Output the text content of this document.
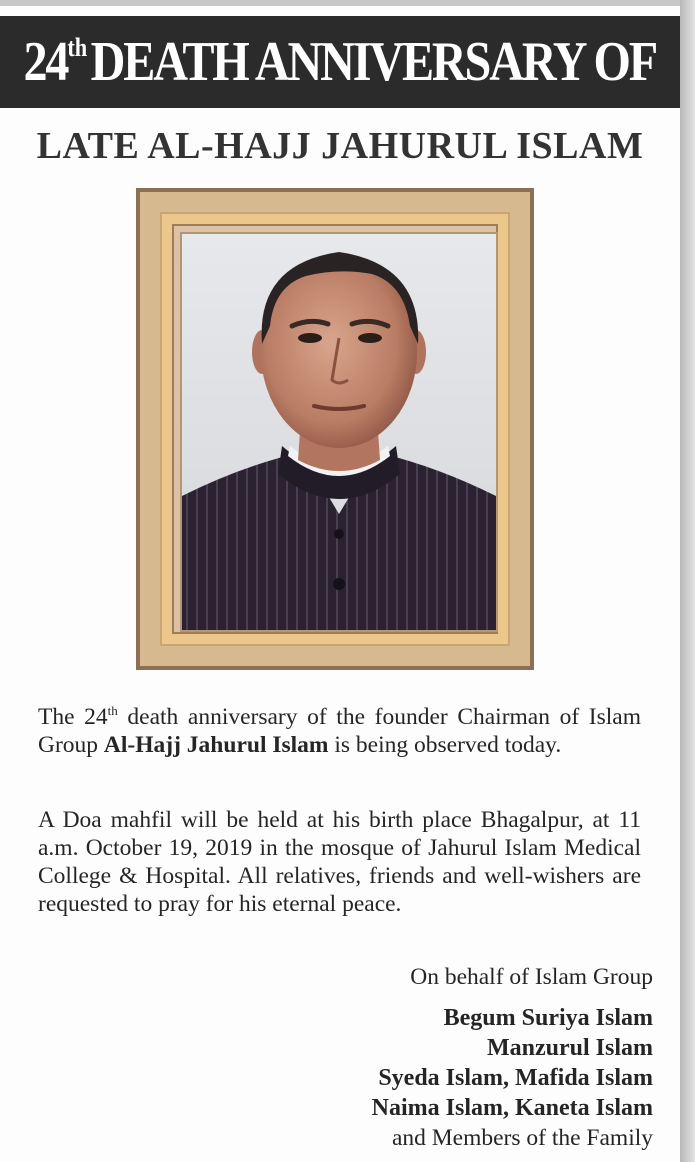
24thDEATH ANNIVERSARY OF
LATE AL-HAJJ JAHURUL ISLAM
The 24th death anniversary of the founder Chairman of Islam Group Al-Hajj Jahurul Islam is being observed today.
A Doa mahfil will be held at his birth place Bhagalpur, at 11 a.m. October 19, 2019 in the mosque of Jahurul Islam Medical College & Hospital. All relatives, friends and well-wishers are requested to pray for his eternal peace.
On behalf of Islam Group
Begum Suriya Islam
Manzurul Islam
Syeda Islam, Mafida Islam
Naima Islam, Kaneta Islam
and Members of the Family
